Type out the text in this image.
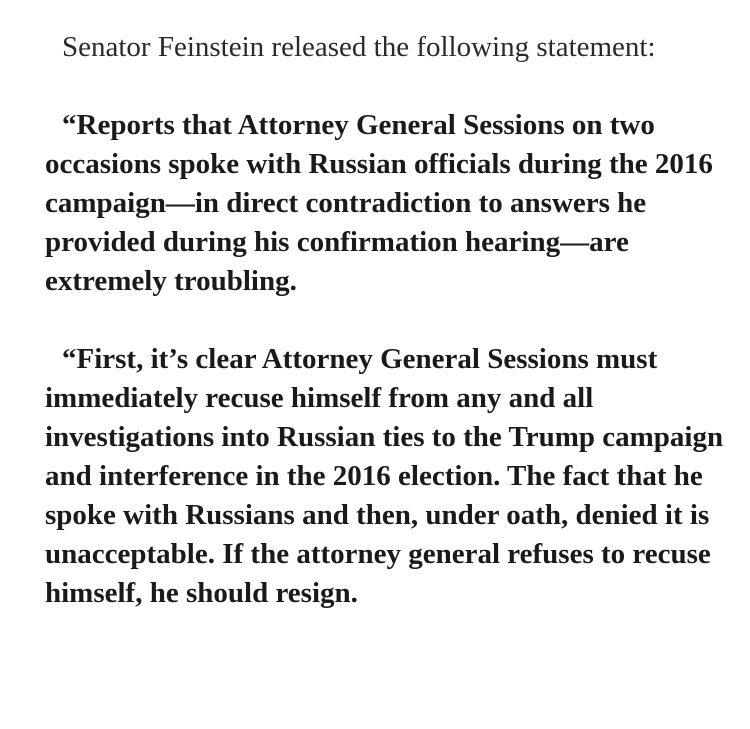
Senator Feinstein released the following statement:

“Reports that Attorney General Sessions on two occasions spoke with Russian officials during the 2016 campaign—in direct contradiction to answers he provided during his confirmation hearing—are extremely troubling.

“First, it’s clear Attorney General Sessions must immediately recuse himself from any and all investigations into Russian ties to the Trump campaign and interference in the 2016 election. The fact that he spoke with Russians and then, under oath, denied it is unacceptable. If the attorney general refuses to recuse himself, he should resign.
